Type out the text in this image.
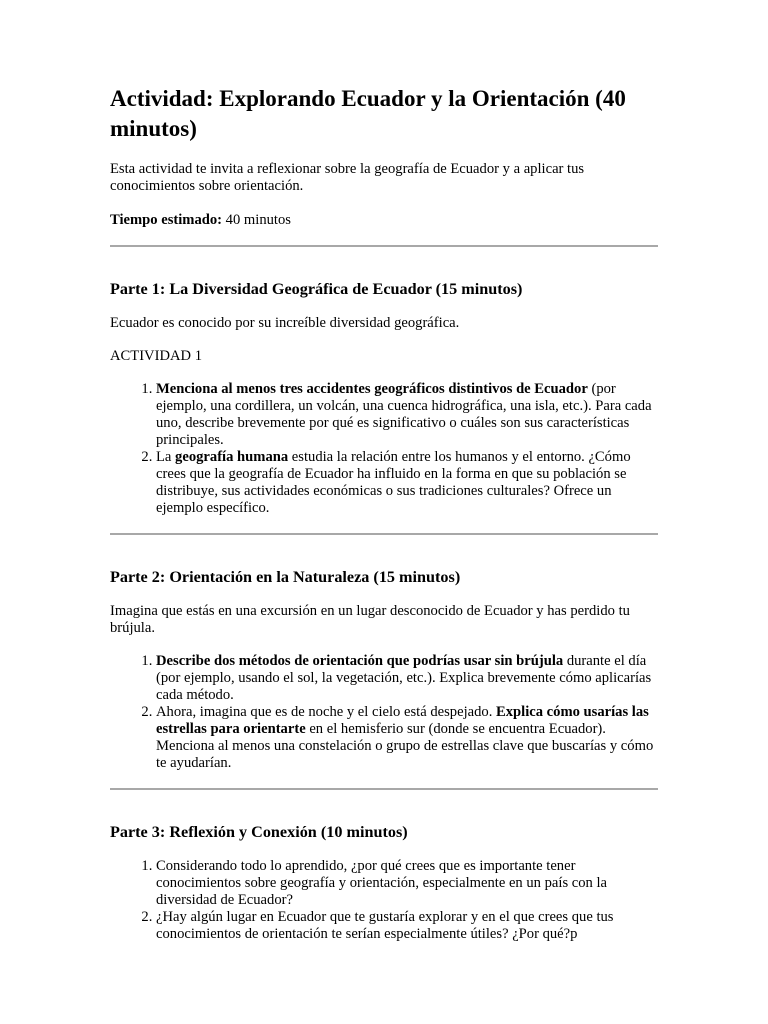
Actividad: Explorando Ecuador y la Orientación (40 minutos)

Esta actividad te invita a reflexionar sobre la geografía de Ecuador y a aplicar tus conocimientos sobre orientación.

Tiempo estimado: 40 minutos

Parte 1: La Diversidad Geográfica de Ecuador (15 minutos)

Ecuador es conocido por su increíble diversidad geográfica.

ACTIVIDAD 1

1. Menciona al menos tres accidentes geográficos distintivos de Ecuador (por ejemplo, una cordillera, un volcán, una cuenca hidrográfica, una isla, etc.). Para cada uno, describe brevemente por qué es significativo o cuáles son sus características principales.
2. La geografía humana estudia la relación entre los humanos y el entorno. ¿Cómo crees que la geografía de Ecuador ha influido en la forma en que su población se distribuye, sus actividades económicas o sus tradiciones culturales? Ofrece un ejemplo específico.
Parte 2: Orientación en la Naturaleza (15 minutos)

Imagina que estás en una excursión en un lugar desconocido de Ecuador y has perdido tu brújula.

1. Describe dos métodos de orientación que podrías usar sin brújula durante el día (por ejemplo, usando el sol, la vegetación, etc.). Explica brevemente cómo aplicarías cada método.
2. Ahora, imagina que es de noche y el cielo está despejado. Explica cómo usarías las estrellas para orientarte en el hemisferio sur (donde se encuentra Ecuador). Menciona al menos una constelación o grupo de estrellas clave que buscarías y cómo te ayudarían.
Parte 3: Reflexión y Conexión (10 minutos)
1. Considerando todo lo aprendido, ¿por qué crees que es importante tener conocimientos sobre geografía y orientación, especialmente en un país con la diversidad de Ecuador?
2. ¿Hay algún lugar en Ecuador que te gustaría explorar y en el que crees que tus conocimientos de orientación te serían especialmente útiles? ¿Por qué?p
